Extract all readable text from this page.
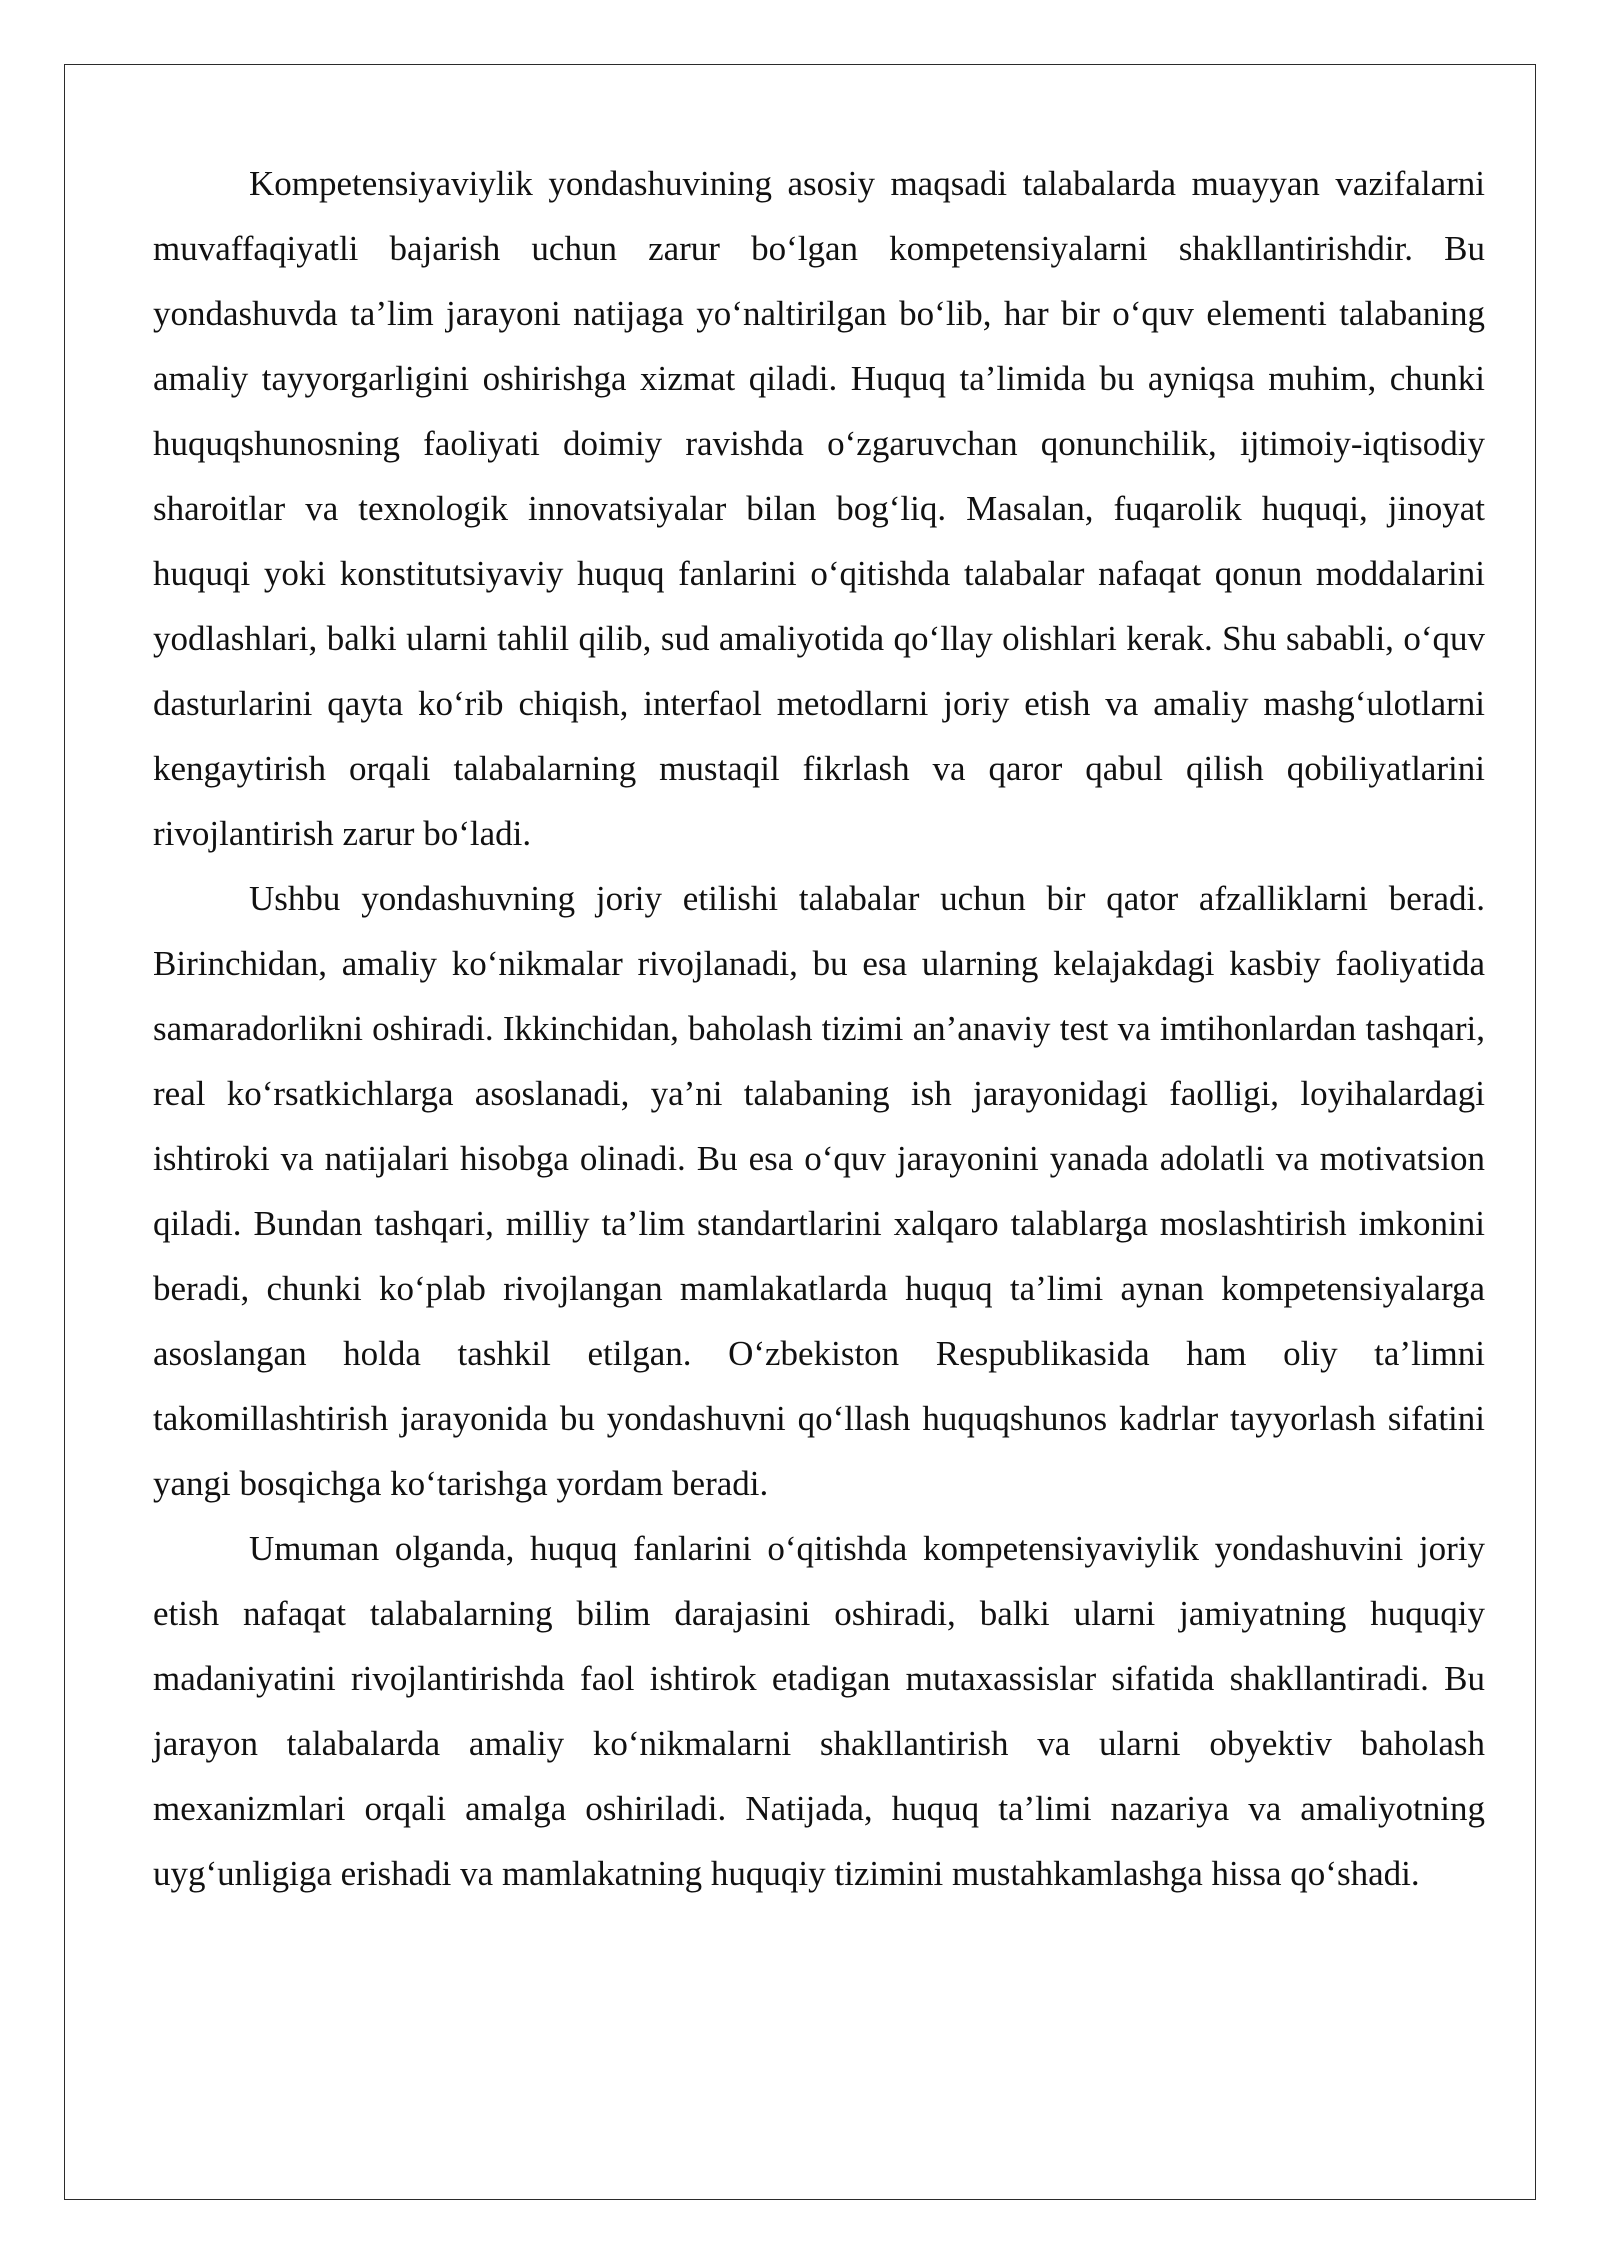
Kompetensiyaviylik yondashuvining asosiy maqsadi talabalarda muayyan vazifalarni muvaffaqiyatli bajarish uchun zarur bo‘lgan kompetensiyalarni shakllantirishdir. Bu yondashuvda ta’lim jarayoni natijaga yo‘naltirilgan bo‘lib, har bir o‘quv elementi talabaning amaliy tayyorgarligini oshirishga xizmat qiladi. Huquq ta’limida bu ayniqsa muhim, chunki huquqshunosning faoliyati doimiy ravishda o‘zgaruvchan qonunchilik, ijtimoiy-iqtisodiy sharoitlar va texnologik innovatsiyalar bilan bog‘liq. Masalan, fuqarolik huquqi, jinoyat huquqi yoki konstitutsiyaviy huquq fanlarini o‘qitishda talabalar nafaqat qonun moddalarini yodlashlari, balki ularni tahlil qilib, sud amaliyotida qo‘llay olishlari kerak. Shu sababli, o‘quv dasturlarini qayta ko‘rib chiqish, interfaol metodlarni joriy etish va amaliy mashg‘ulotlarni kengaytirish orqali talabalarning mustaqil fikrlash va qaror qabul qilish qobiliyatlarini rivojlantirish zarur bo‘ladi.

Ushbu yondashuvning joriy etilishi talabalar uchun bir qator afzalliklarni beradi. Birinchidan, amaliy ko‘nikmalar rivojlanadi, bu esa ularning kelajakdagi kasbiy faoliyatida samaradorlikni oshiradi. Ikkinchidan, baholash tizimi an’anaviy test va imtihonlardan tashqari, real ko‘rsatkichlarga asoslanadi, ya’ni talabaning ish jarayonidagi faolligi, loyihalardagi ishtiroki va natijalari hisobga olinadi. Bu esa o‘quv jarayonini yanada adolatli va motivatsion qiladi. Bundan tashqari, milliy ta’lim standartlarini xalqaro talablarga moslashtirish imkonini beradi, chunki ko‘plab rivojlangan mamlakatlarda huquq ta’limi aynan kompetensiyalarga asoslangan holda tashkil etilgan. O‘zbekiston Respublikasida ham oliy ta’limni takomillashtirish jarayonida bu yondashuvni qo‘llash huquqshunos kadrlar tayyorlash sifatini yangi bosqichga ko‘tarishga yordam beradi.

Umuman olganda, huquq fanlarini o‘qitishda kompetensiyaviylik yondashuvini joriy etish nafaqat talabalarning bilim darajasini oshiradi, balki ularni jamiyatning huquqiy madaniyatini rivojlantirishda faol ishtirok etadigan mutaxassislar sifatida shakllantiradi. Bu jarayon talabalarda amaliy ko‘nikmalarni shakllantirish va ularni obyektiv baholash mexanizmlari orqali amalga oshiriladi. Natijada, huquq ta’limi nazariya va amaliyotning uyg‘unligiga erishadi va mamlakatning huquqiy tizimini mustahkamlashga hissa qo‘shadi.
